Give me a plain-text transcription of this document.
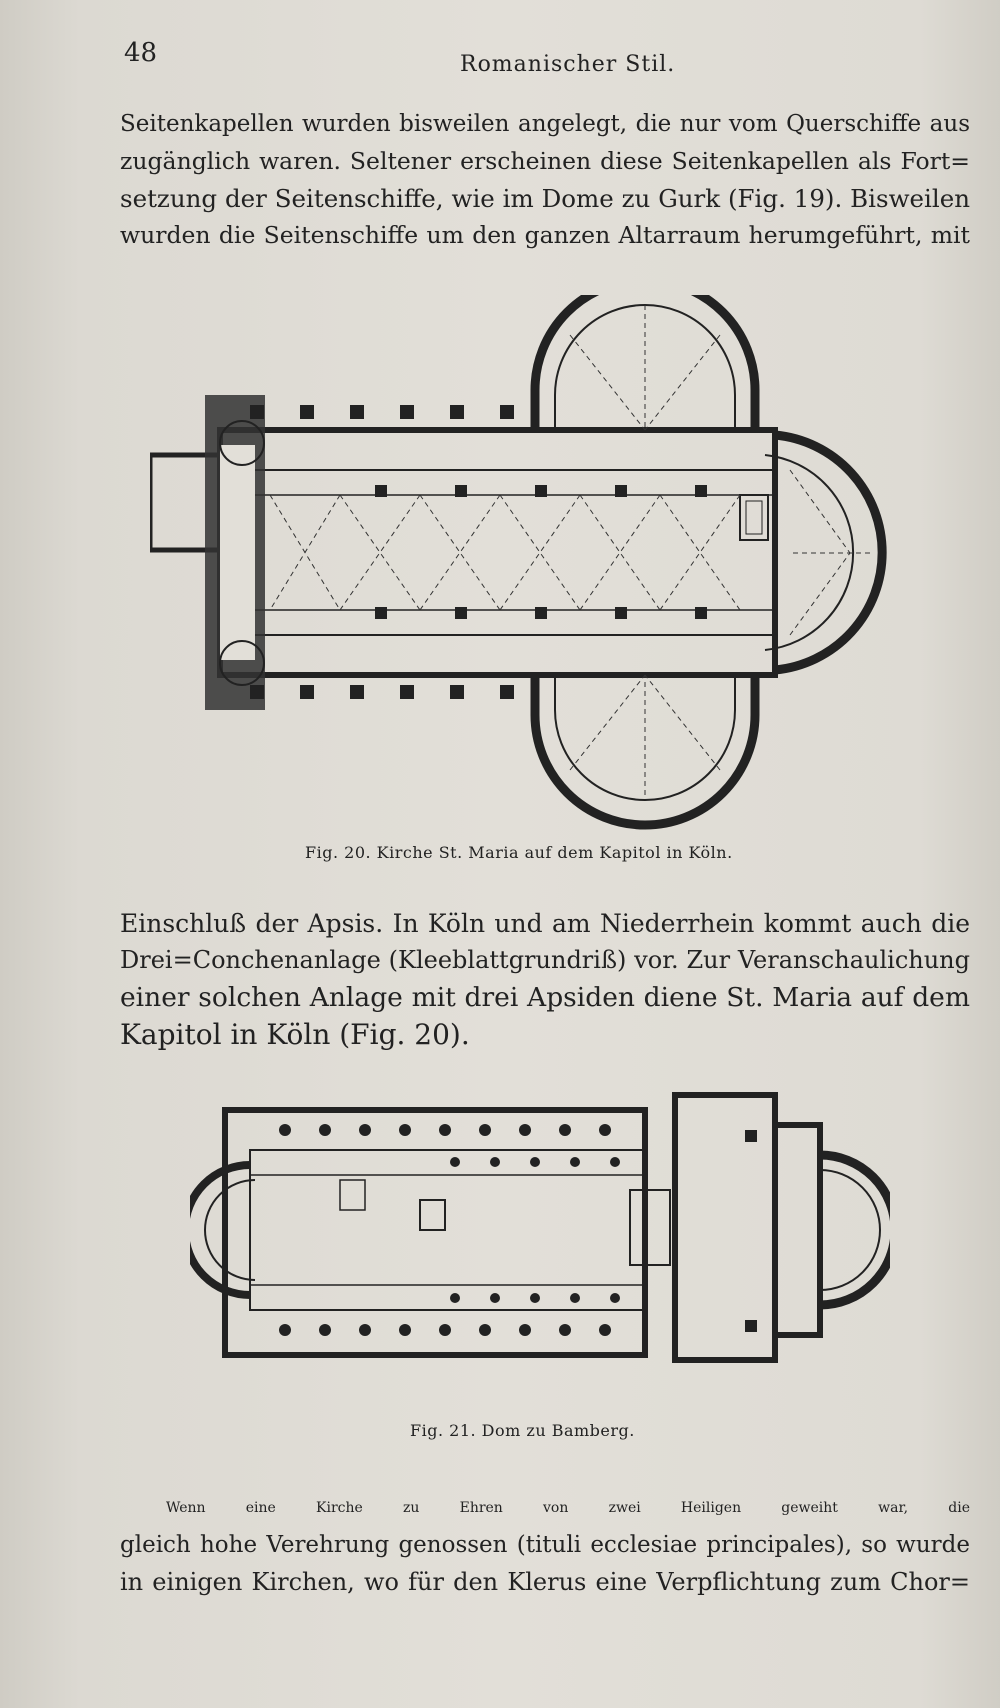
48	Romanischer Stil.
Seitenkapellen wurden bisweilen angelegt, die nur vom Querschiffe aus
zugänglich waren. Seltener erscheinen diese Seitenkapellen als Fort=
setzung der Seitenschiffe, wie im Dome zu Gurk (Fig. 19). Bisweilen
wurden die Seitenschiffe um den ganzen Altarraum herumgeführt, mit
Fig. 20. Kirche St. Maria auf dem Kapitol in Köln.
Einschluß der Apsis. In Köln und am Niederrhein kommt auch die
Drei=Conchenanlage (Kleeblattgrundriß) vor. Zur Veranschaulichung
einer solchen Anlage mit drei Apsiden diene St. Maria auf dem
Kapitol in Köln (Fig. 20).
Fig. 21. Dom zu Bamberg.
Wenn eine Kirche zu Ehren von zwei Heiligen geweiht war, die
gleich hohe Verehrung genossen (tituli ecclesiae principales), so wurde
in einigen Kirchen, wo für den Klerus eine Verpflichtung zum Chor=
